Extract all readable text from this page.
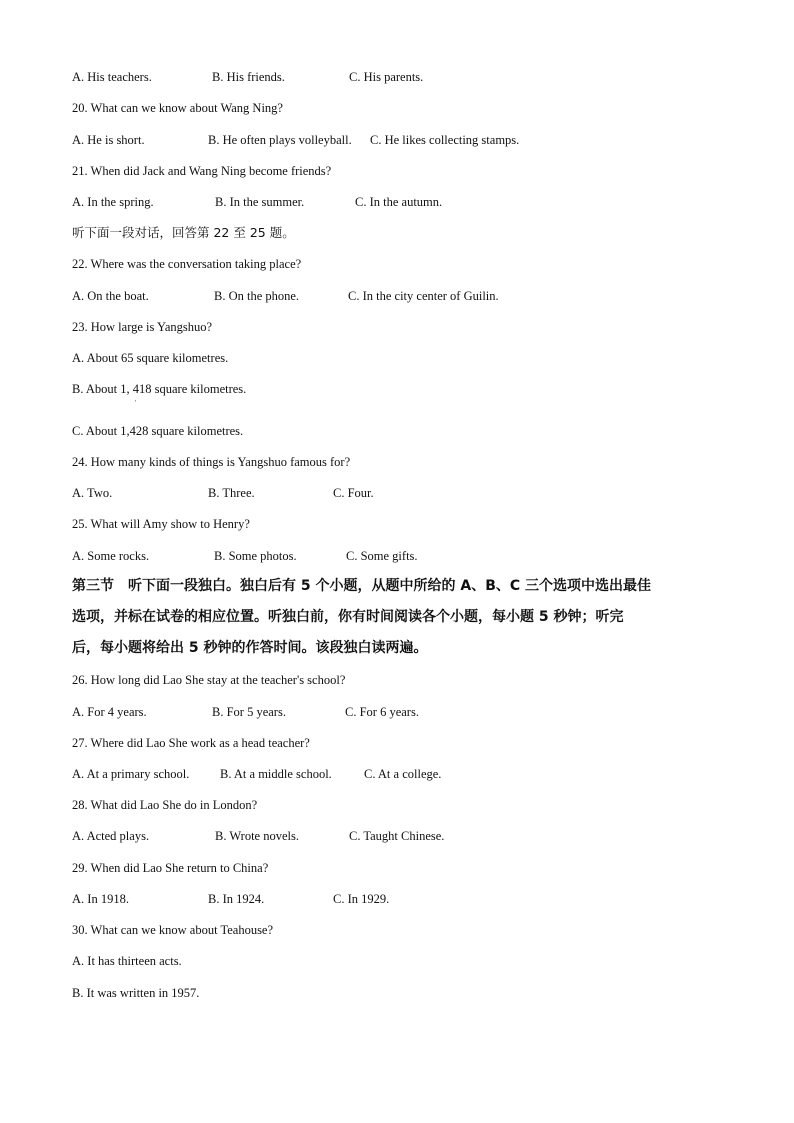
A. His teachers.	B. His friends.	C. His parents.
20. What can we know about Wang Ning?
A. He is short.	B. He often plays volleyball. C. He likes collecting stamps.
21. When did Jack and Wang Ning become friends?
A. In the spring.	B. In the summer.	C. In the autumn.
听下面一段对话，回答第 22 至 25 题。
22. Where was the conversation taking place?
A. On the boat.	B. On the phone.	C. In the city center of Guilin.
23. How large is Yangshuo?
A. About 65 square kilometres.
B. About 1, 418 square kilometres.
C. About 1,428 square kilometres.
24. How many kinds of things is Yangshuo famous for?
A. Two.	B. Three.	C. Four.
25. What will Amy show to Henry?
A. Some rocks.	B. Some photos.	C. Some gifts.
第三节　听下面一段独白。独白后有 5 个小题，从题中所给的 A、B、C 三个选项中选出最佳
选项，并标在试卷的相应位置。听独白前，你有时间阅读各个小题，每小题 5 秒钟；听完
后，每小题将给出 5 秒钟的作答时间。该段独白读两遍。
26. How long did Lao She stay at the teacher's school?
A. For 4 years.	B. For 5 years.	C. For 6 years.
27. Where did Lao She work as a head teacher?
A. At a primary school. B. At a middle school.	C. At a college.
28. What did Lao She do in London?
A. Acted plays.	B. Wrote novels.	C. Taught Chinese.
29. When did Lao She return to China?
A. In 1918.	B. In 1924.	C. In 1929.
30. What can we know about Teahouse?
A. It has thirteen acts.
B. It was written in 1957.
'
